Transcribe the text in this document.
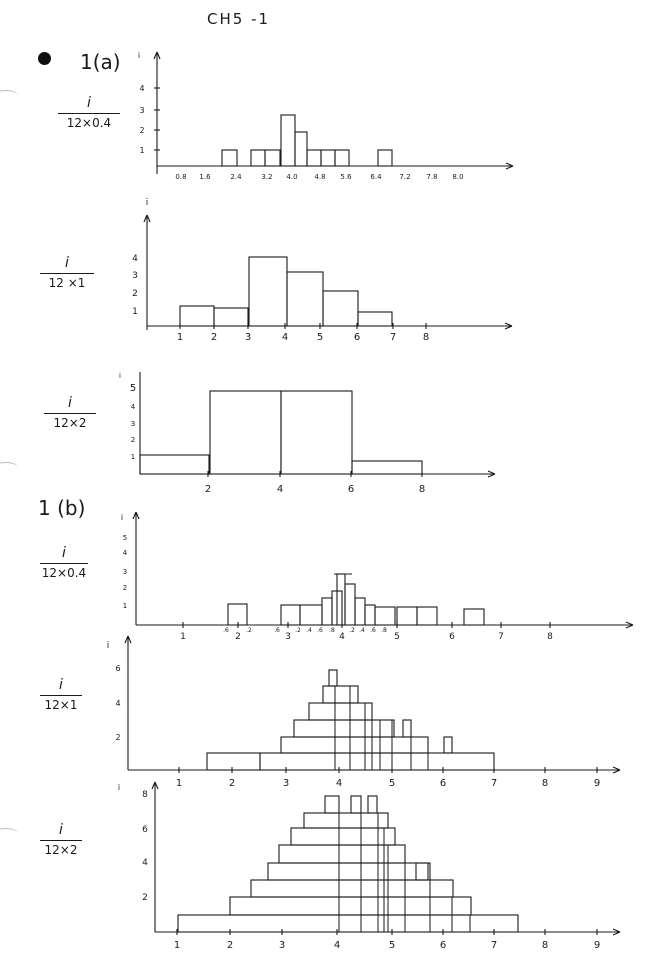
CH5 -1
1(a)
1 (b)
i
12×0.4
i
12 ×1
i
12×2
i
12×0.4
i
12×1
i
12×2
i
1
2
3
4
0.8 1.6	2.4	3.2 4.0 4.8 5.6	6.4	7.2 7.8 8.0
i
1
2
3
4
1	2	3	4	5	6	7	8
i
1
2
3
4
5
2	4	6	8
i
1
2
3
4
5
1	2	3	4	5	6	7	8
.6	.2	.6	.2 .4 .6 .8 .2 .4 .6 .8
i
2
4
6
1	2	3	4	5	6	7	8	9
i
2
4
6
8
1	2	3	4	5	6	7	8	9
